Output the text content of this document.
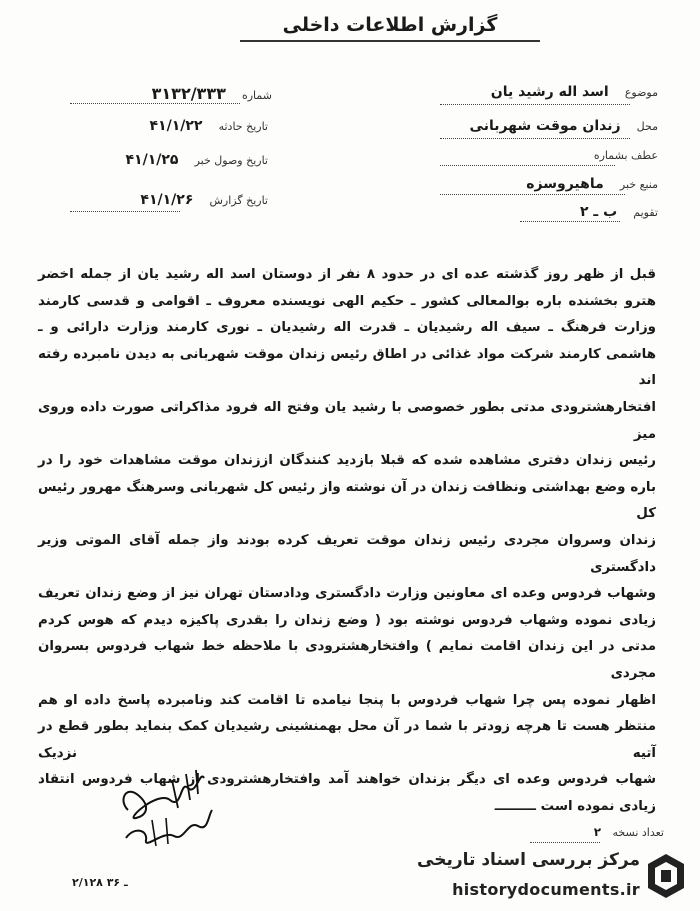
گزارش اطلاعات داخلی
موضوع اسد اله رشید یان
محل زندان موقت شهربانی
عطف بشماره
منبع خبر ماهیروسزه
تقویم ب ـ ۲
شماره ۳۱۳۲/۳۳۳
تاریخ حادثه ۴۱/۱/۲۲
تاریخ وصول خبر ۴۱/۱/۲۵
تاریخ گزارش ۴۱/۱/۲۶

قبل از ظهر روز گذشته عده ای در حدود ۸ نفر از دوستان اسد اله رشید یان از جمله اخضر

هترو بخشنده باره بوالمعالی کشور ـ حکیم الهی نویسنده معروف ـ اقوامی و قدسی کارمند

وزارت فرهنگ ـ سیف اله رشیدیان ـ قدرت اله رشیدیان ـ نوری کارمند وزارت دارائی و ـ

هاشمی کارمند شرکت مواد غذائی در اطاق رئیس زندان موقت شهربانی به دیدن نامبرده رفته اند

افتخارهشترودی مدتی بطور خصوصی با رشید یان وفتح اله فرود مذاکراتی صورت داده وروی میز

رئیس زندان دفتری مشاهده شده که قبلا بازدید کنندگان اززندان موقت مشاهدات خود را در

باره وضع بهداشتی ونظافت زندان در آن نوشته واز رئیس کل شهربانی وسرهنگ مهرور رئیس کل

زندان وسروان مجردی رئیس زندان موقت تعریف کرده بودند واز جمله آقای الموتی وزیر دادگستری

وشهاب فردوس وعده ای معاونین وزارت دادگستری ودادستان تهران نیز از وضع زندان تعریف

زیادی نموده وشهاب فردوس نوشته بود ( وضع زندان را بقدری پاکیزه دیدم که هوس کردم

مدتی در این زندان اقامت نمایم ) وافتخارهشترودی با ملاحظه خط شهاب فردوس بسروان مجردی

اظهار نموده پس چرا شهاب فردوس با پنجا نیامده تا اقامت کند ونامبرده پاسخ داده او هم

منتظر هست تا هرچه زودتر با شما در آن محل بهمنشینی رشیدیان کمک بنماید بطور قطع در آتیه نزدیک

شهاب فردوس وعده ای دیگر بزندان خواهند آمد وافتخارهشترودی از شهاب فردوس انتقاد

زیادی نموده است ـــــــــ

تعداد نسخه ۲
۲/۱۲۸ ـ ۳۶
مرکز بررسی اسناد تاریخی
historydocuments.ir
